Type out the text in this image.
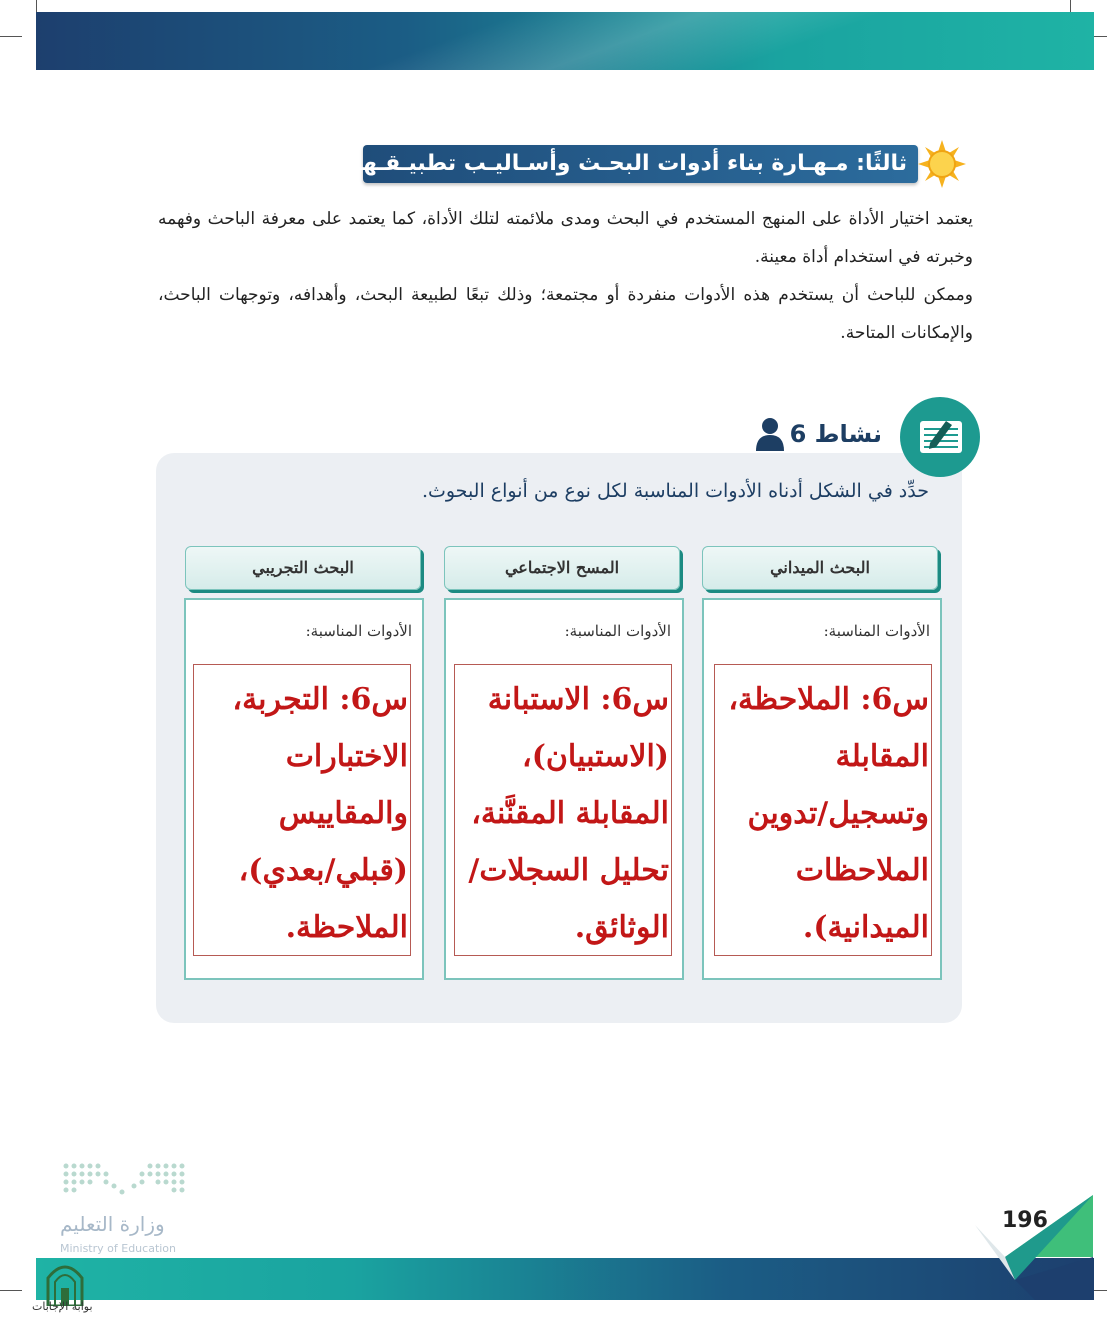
ثالثًا: مـهـارة بناء أدوات البحـث وأسـاليـب تطبيـقـهـا:
يعتمد اختيار الأداة على المنهج المستخدم في البحث ومدى ملائمته لتلك الأداة، كما يعتمد على معرفة الباحث وفهمه وخبرته في استخدام أداة معينة.
وممكن للباحث أن يستخدم هذه الأدوات منفردة أو مجتمعة؛ وذلك تبعًا لطبيعة البحث، وأهدافه، وتوجهات الباحث، والإمكانات المتاحة.
نشاط 6
حدِّد في الشكل أدناه الأدوات المناسبة لكل نوع من أنواع البحوث.
البحث الميداني
الأدوات المناسبة:
س6: الملاحظة،
المقابلة
وتسجيل/تدوين
الملاحظات
الميدانية).
المسح الاجتماعي
الأدوات المناسبة:
س6: الاستبانة
(الاستبيان)،
المقابلة المقنَّنة،
تحليل السجلات/
الوثائق.
البحث التجريبي
الأدوات المناسبة:
س6: التجربة،
الاختبارات
والمقاييس
(قبلي/بعدي)،
الملاحظة.
وزارة التعليم
Ministry of Education
196
بوابة الإجابات
